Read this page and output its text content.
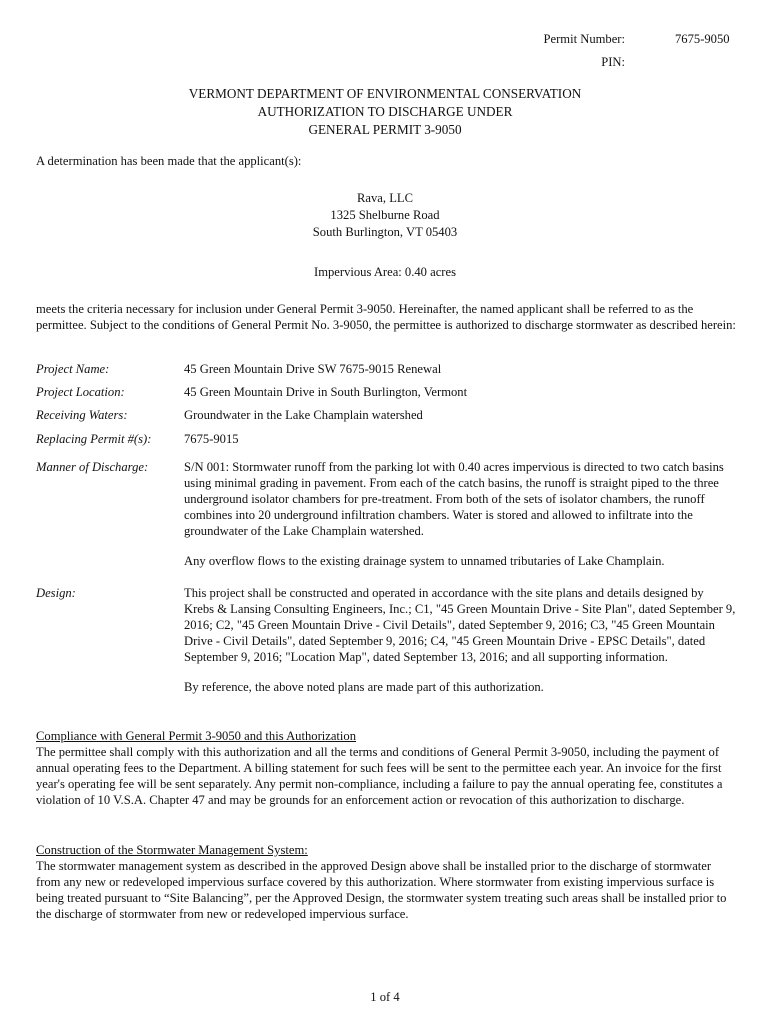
Permit Number:	7675-9050
PIN:
VERMONT DEPARTMENT OF ENVIRONMENTAL CONSERVATION
AUTHORIZATION TO DISCHARGE UNDER
GENERAL PERMIT 3-9050
A determination has been made that the applicant(s):
Rava, LLC
1325 Shelburne Road
South Burlington, VT 05403
Impervious Area: 0.40 acres
meets the criteria necessary for inclusion under General Permit 3-9050. Hereinafter, the named applicant shall be referred to as the permittee. Subject to the conditions of General Permit No. 3-9050, the permittee is authorized to discharge stormwater as described herein:
Project Name:	45 Green Mountain Drive SW 7675-9015 Renewal
Project Location:	45 Green Mountain Drive in South Burlington, Vermont
Receiving Waters:	Groundwater in the Lake Champlain watershed
Replacing Permit #(s):	7675-9015
Manner of Discharge:	S/N 001: Stormwater runoff from the parking lot with 0.40 acres impervious is directed to two catch basins using minimal grading in pavement. From each of the catch basins, the runoff is straight piped to the three underground isolator chambers for pre-treatment. From both of the sets of isolator chambers, the runoff combines into 20 underground infiltration chambers. Water is stored and allowed to infiltrate into the groundwater of the Lake Champlain watershed.

Any overflow flows to the existing drainage system to unnamed tributaries of Lake Champlain.

Design:	This project shall be constructed and operated in accordance with the site plans and details designed by Krebs & Lansing Consulting Engineers, Inc.; C1, "45 Green Mountain Drive - Site Plan", dated September 9, 2016; C2, "45 Green Mountain Drive - Civil Details", dated September 9, 2016; C3, "45 Green Mountain Drive - Civil Details", dated September 9, 2016; C4, "45 Green Mountain Drive - EPSC Details", dated September 9, 2016; "Location Map", dated September 13, 2016; and all supporting information.

By reference, the above noted plans are made part of this authorization.

Compliance with General Permit 3-9050 and this Authorization

The permittee shall comply with this authorization and all the terms and conditions of General Permit 3-9050, including the payment of annual operating fees to the Department. A billing statement for such fees will be sent to the permittee each year. An invoice for the first year's operating fee will be sent separately. Any permit non-compliance, including a failure to pay the annual operating fee, constitutes a violation of 10 V.S.A. Chapter 47 and may be grounds for an enforcement action or revocation of this authorization to discharge.

Construction of the Stormwater Management System:

The stormwater management system as described in the approved Design above shall be installed prior to the discharge of stormwater from any new or redeveloped impervious surface covered by this authorization. Where stormwater from existing impervious surface is being treated pursuant to “Site Balancing”, per the Approved Design, the stormwater system treating such areas shall be installed prior to the discharge of stormwater from new or redeveloped impervious surface.

1 of 4
